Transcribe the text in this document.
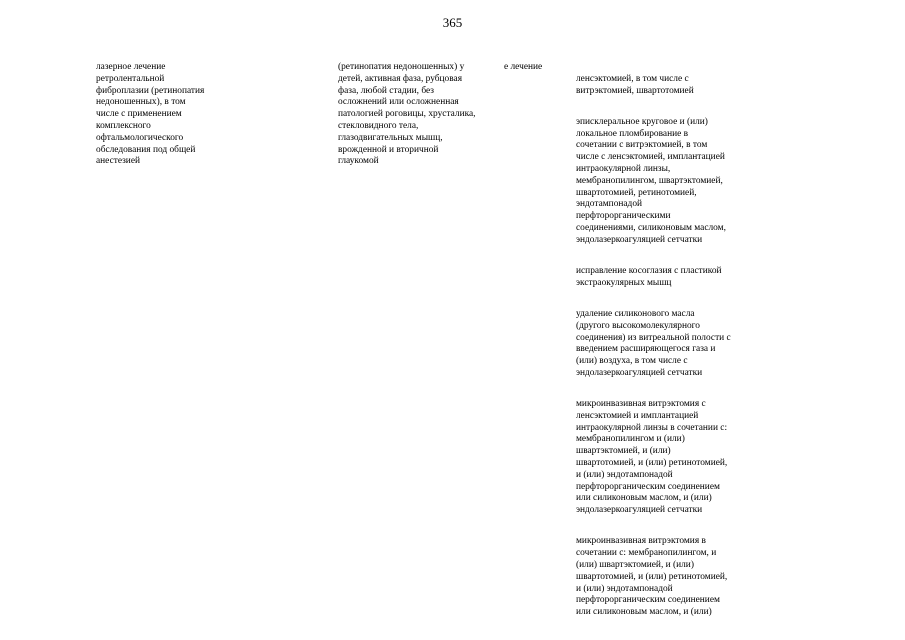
365
лазерное лечение
ретролентальной
фиброплазии (ретинопатия
недоношенных), в том
числе с применением
комплексного
офтальмологического
обследования под общей
анестезией
(ретинопатия недоношенных) у
детей, активная фаза, рубцовая
фаза, любой стадии, без
осложнений или осложненная
патологией роговицы, хрусталика,
стекловидного тела,
глазодвигательных мышц,
врожденной и вторичной
глаукомой
е лечение

ленсэктомией, в том числе с
витрэктомией, швартотомией

эписклеральное круговое и (или)
локальное пломбирование в
сочетании с витрэктомией, в том
числе с ленсэктомией, имплантацией
интраокулярной линзы,
мембранопилингом, швартэктомией,
швартотомией, ретинотомией,
эндотампонадой
перфторорганическими
соединениями, силиконовым маслом,
эндолазеркоагуляцией сетчатки

исправление косоглазия с пластикой
экстраокулярных мышц

удаление силиконового масла
(другого высокомолекулярного
соединения) из витреальной полости с
введением расширяющегося газа и
(или) воздуха, в том числе с
эндолазеркоагуляцией сетчатки

микроинвазивная витрэктомия с
ленсэктомией и имплантацией
интраокулярной линзы в сочетании с:
мембранопилингом и (или)
швартэктомией, и (или)
швартотомией, и (или) ретинотомией,
и (или) эндотампонадой
перфторорганическим соединением
или силиконовым маслом, и (или)
эндолазеркоагуляцией сетчатки

микроинвазивная витрэктомия в
сочетании с: мембранопилингом, и
(или) швартэктомией, и (или)
швартотомией, и (или) ретинотомией,
и (или) эндотампонадой
перфторорганическим соединением
или силиконовым маслом, и (или)
